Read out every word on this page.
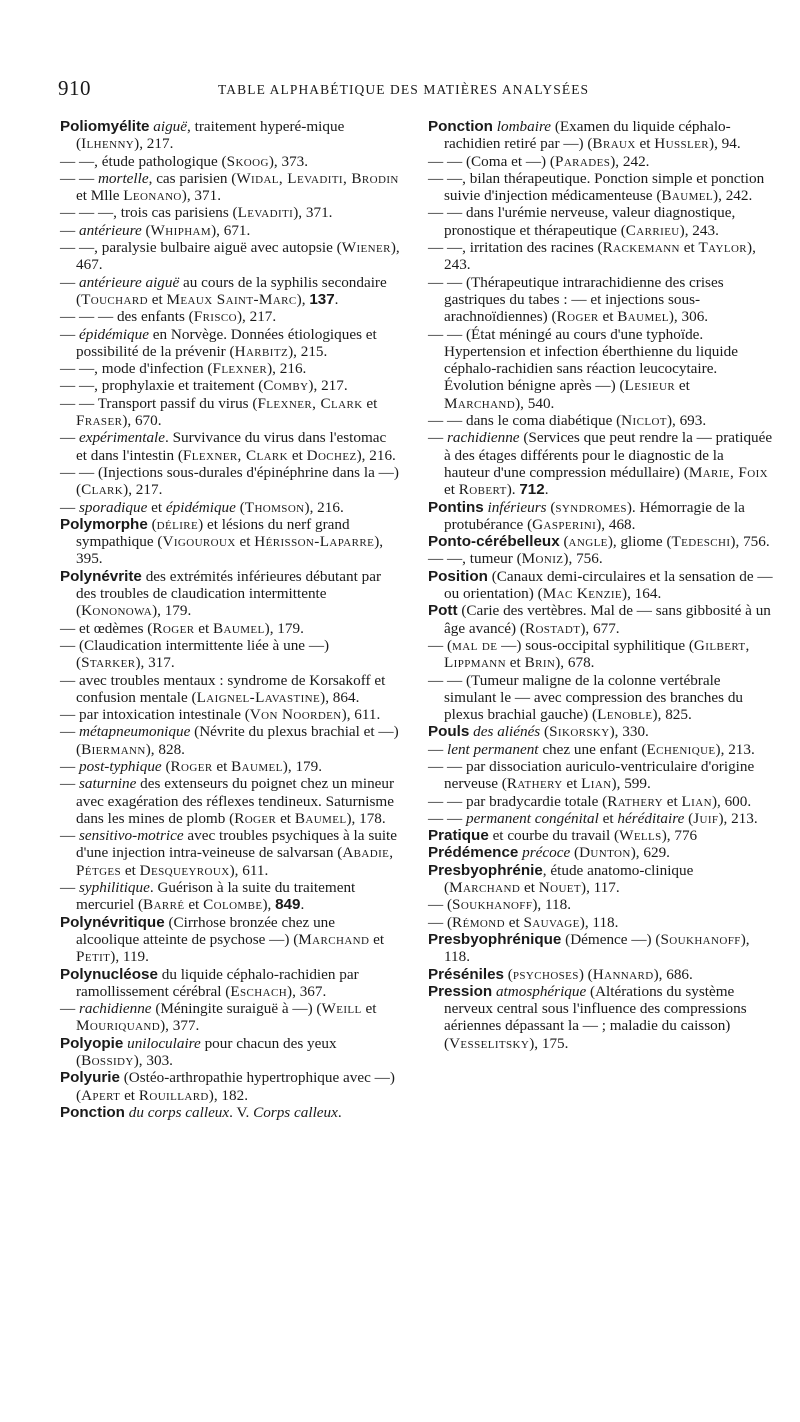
910	TABLE ALPHABÉTIQUE DES MATIÈRES ANALYSÉES

Poliomyélite aiguë, traitement hyperé-mique (Ilhenny), 217.

— —, étude pathologique (Skoog), 373.

— — mortelle, cas parisien (Widal, Levaditi, Brodin et Mlle Leonano), 371.

— — —, trois cas parisiens (Levaditi), 371.

— antérieure (Whipham), 671.

— —, paralysie bulbaire aiguë avec autopsie (Wiener), 467.

— antérieure aiguë au cours de la syphilis secondaire (Touchard et Meaux Saint-Marc), 137.

— — — des enfants (Frisco), 217.

— épidémique en Norvège. Données étiologiques et possibilité de la prévenir (Harbitz), 215.

— —, mode d'infection (Flexner), 216.

— —, prophylaxie et traitement (Comby), 217.

— — Transport passif du virus (Flexner, Clark et Fraser), 670.

— expérimentale. Survivance du virus dans l'estomac et dans l'intestin (Flexner, Clark et Dochez), 216.

— — (Injections sous-durales d'épinéphrine dans la —) (Clark), 217.

— sporadique et épidémique (Thomson), 216.

Polymorphe (délire) et lésions du nerf grand sympathique (Vigouroux et Hérisson-Laparre), 395.

Polynévrite des extrémités inférieures débutant par des troubles de claudication intermittente (Kononowa), 179.

— et œdèmes (Roger et Baumel), 179.

— (Claudication intermittente liée à une —) (Starker), 317.

— avec troubles mentaux : syndrome de Korsakoff et confusion mentale (Laignel-Lavastine), 864.

— par intoxication intestinale (Von Noorden), 611.

— métapneumonique (Névrite du plexus brachial et —) (Biermann), 828.

— post-typhique (Roger et Baumel), 179.

— saturnine des extenseurs du poignet chez un mineur avec exagération des réflexes tendineux. Saturnisme dans les mines de plomb (Roger et Baumel), 178.

— sensitivo-motrice avec troubles psychiques à la suite d'une injection intra-veineuse de salvarsan (Abadie, Pétges et Desqueyroux), 611.

— syphilitique. Guérison à la suite du traitement mercuriel (Barré et Colombe), 849.

Polynévritique (Cirrhose bronzée chez une alcoolique atteinte de psychose —) (Marchand et Petit), 119.

Polynucléose du liquide céphalo-rachidien par ramollissement cérébral (Eschach), 367.

— rachidienne (Méningite suraiguë à —) (Weill et Mouriquand), 377.

Polyopie uniloculaire pour chacun des yeux (Bossidy), 303.

Polyurie (Ostéo-arthropathie hypertrophique avec —) (Apert et Rouillard), 182.

Ponction du corps calleux. V. Corps calleux.

Ponction lombaire (Examen du liquide céphalo-rachidien retiré par —) (Braux et Hussler), 94.

— — (Coma et —) (Parades), 242.

— —, bilan thérapeutique. Ponction simple et ponction suivie d'injection médicamenteuse (Baumel), 242.

— — dans l'urémie nerveuse, valeur diagnostique, pronostique et thérapeutique (Carrieu), 243.

— —, irritation des racines (Rackemann et Taylor), 243.

— — (Thérapeutique intrarachidienne des crises gastriques du tabes : — et injections sous-arachnoïdiennes) (Roger et Baumel), 306.

— — (État méningé au cours d'une typhoïde. Hypertension et infection éberthienne du liquide céphalo-rachidien sans réaction leucocytaire. Évolution bénigne après —) (Lesieur et Marchand), 540.

— — dans le coma diabétique (Niclot), 693.

— rachidienne (Services que peut rendre la — pratiquée à des étages différents pour le diagnostic de la hauteur d'une compression médullaire) (Marie, Foix et Robert). 712.

Pontins inférieurs (syndromes). Hémorragie de la protubérance (Gasperini), 468.

Ponto-cérébelleux (angle), gliome (Tedeschi), 756.

— —, tumeur (Moniz), 756.

Position (Canaux demi-circulaires et la sensation de — ou orientation) (Mac Kenzie), 164.

Pott (Carie des vertèbres. Mal de — sans gibbosité à un âge avancé) (Rostadt), 677.

— (mal de —) sous-occipital syphilitique (Gilbert, Lippmann et Brin), 678.

— — (Tumeur maligne de la colonne vertébrale simulant le — avec compression des branches du plexus brachial gauche) (Lenoble), 825.

Pouls des aliénés (Sikorsky), 330.

— lent permanent chez une enfant (Echenique), 213.

— — par dissociation auriculo-ventriculaire d'origine nerveuse (Rathery et Lian), 599.

— — par bradycardie totale (Rathery et Lian), 600.

— — permanent congénital et héréditaire (Juif), 213.

Pratique et courbe du travail (Wells), 776

Prédémence précoce (Dunton), 629.

Presbyophrénie, étude anatomo-clinique (Marchand et Nouet), 117.

— (Soukhanoff), 118.

— (Rémond et Sauvage), 118.

Presbyophrénique (Démence —) (Soukhanoff), 118.

Préséniles (psychoses) (Hannard), 686.

Pression atmosphérique (Altérations du système nerveux central sous l'influence des compressions aériennes dépassant la — ; maladie du caisson) (Vesselitsky), 175.
